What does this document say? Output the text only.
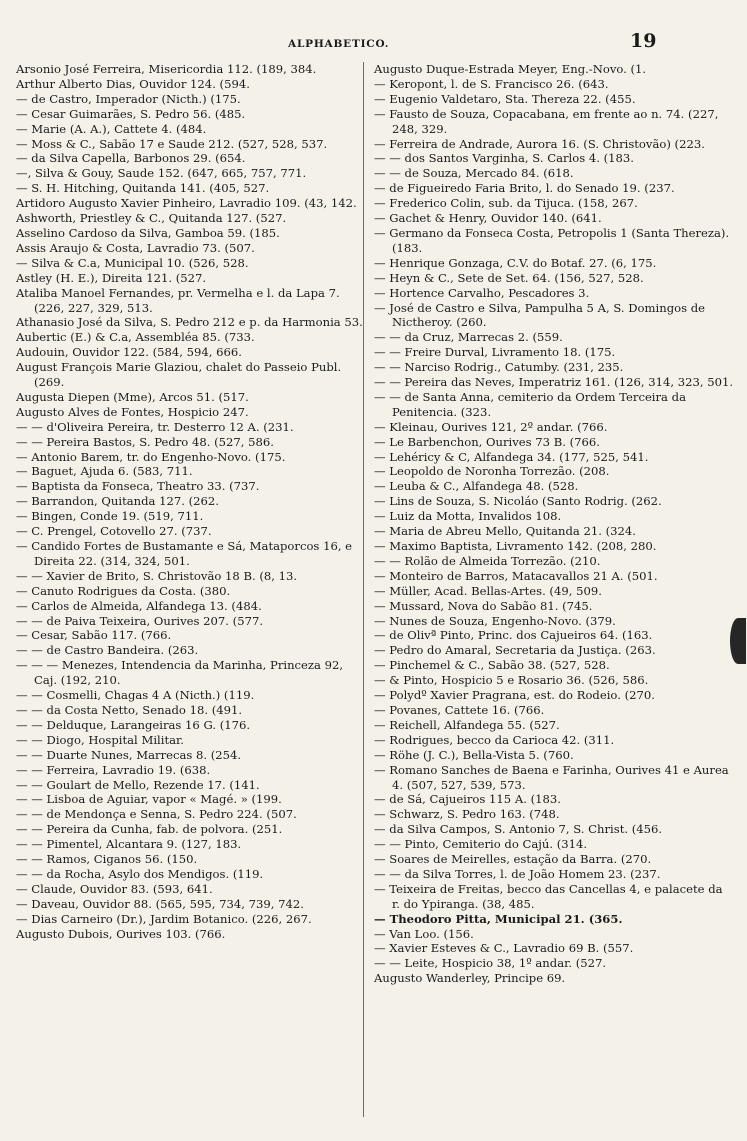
ALPHABETICO.	19
Arsonio José Ferreira, Misericordia 112. (189, 384.
Arthur Alberto Dias, Ouvidor 124. (594.
— de Castro, Imperador (Nicth.) (175.
— Cesar Guimarães, S. Pedro 56. (485.
— Marie (A. A.), Cattete 4. (484.
— Moss & C., Sabão 17 e Saude 212. (527, 528, 537.
— da Silva Capella, Barbonos 29. (654.
—, Silva & Gouy, Saude 152. (647, 665, 757, 771.
— S. H. Hitching, Quitanda 141. (405, 527.
Artidoro Augusto Xavier Pinheiro, Lavradio 109. (43, 142.
Ashworth, Priestley & C., Quitanda 127. (527.
Asselino Cardoso da Silva, Gamboa 59. (185.
Assis Araujo & Costa, Lavradio 73. (507.
— Silva & C.a, Municipal 10. (526, 528.
Astley (H. E.), Direita 121. (527.
Ataliba Manoel Fernandes, pr. Vermelha e l. da Lapa 7. (226, 227, 329, 513.
Athanasio José da Silva, S. Pedro 212 e p. da Harmonia 53.
Aubertic (E.) & C.a, Assembléa 85. (733.
Audouin, Ouvidor 122. (584, 594, 666.
August François Marie Glaziou, chalet do Passeio Publ. (269.
Augusta Diepen (Mme), Arcos 51. (517.
Augusto Alves de Fontes, Hospicio 247.
— — d'Oliveira Pereira, tr. Desterro 12 A. (231.
— — Pereira Bastos, S. Pedro 48. (527, 586.
— Antonio Barem, tr. do Engenho-Novo. (175.
— Baguet, Ajuda 6. (583, 711.
— Baptista da Fonseca, Theatro 33. (737.
— Barrandon, Quitanda 127. (262.
— Bingen, Conde 19. (519, 711.
— C. Prengel, Cotovello 27. (737.
— Candido Fortes de Bustamante e Sá, Mataporcos 16, e Direita 22. (314, 324, 501.
— — Xavier de Brito, S. Christovão 18 B. (8, 13.
— Canuto Rodrigues da Costa. (380.
— Carlos de Almeida, Alfandega 13. (484.
— — de Paiva Teixeira, Ourives 207. (577.
— Cesar, Sabão 117. (766.
— — de Castro Bandeira. (263.
— — — Menezes, Intendencia da Marinha, Princeza 92, Caj. (192, 210.
— — Cosmelli, Chagas 4 A (Nicth.) (119.
— — da Costa Netto, Senado 18. (491.
— — Delduque, Larangeiras 16 G. (176.
— — Diogo, Hospital Militar.
— — Duarte Nunes, Marrecas 8. (254.
— — Ferreira, Lavradio 19. (638.
— — Goulart de Mello, Rezende 17. (141.
— — Lisboa de Aguiar, vapor « Magé. » (199.
— — de Mendonça e Senna, S. Pedro 224. (507.
— — Pereira da Cunha, fab. de polvora. (251.
— — Pimentel, Alcantara 9. (127, 183.
— — Ramos, Ciganos 56. (150.
— — da Rocha, Asylo dos Mendigos. (119.
— Claude, Ouvidor 83. (593, 641.
— Daveau, Ouvidor 88. (565, 595, 734, 739, 742.
— Dias Carneiro (Dr.), Jardim Botanico. (226, 267.
Augusto Dubois, Ourives 103. (766.
Augusto Duque-Estrada Meyer, Eng.-Novo. (1.
— Keropont, l. de S. Francisco 26. (643.
— Eugenio Valdetaro, Sta. Thereza 22. (455.
— Fausto de Souza, Copacabana, em frente ao n. 74. (227, 248, 329.
— Ferreira de Andrade, Aurora 16. (S. Christovão) (223.
— — dos Santos Varginha, S. Carlos 4. (183.
— — de Souza, Mercado 84. (618.
— de Figueiredo Faria Brito, l. do Senado 19. (237.
— Frederico Colin, sub. da Tijuca. (158, 267.
— Gachet & Henry, Ouvidor 140. (641.
— Germano da Fonseca Costa, Petropolis 1 (Santa Thereza). (183.
— Henrique Gonzaga, C.V. do Botaf. 27. (6, 175.
— Heyn & C., Sete de Set. 64. (156, 527, 528.
— Hortence Carvalho, Pescadores 3.
— José de Castro e Silva, Pampulha 5 A, S. Domingos de Nictheroy. (260.
— — da Cruz, Marrecas 2. (559.
— — Freire Durval, Livramento 18. (175.
— — Narciso Rodrig., Catumby. (231, 235.
— — Pereira das Neves, Imperatriz 161. (126, 314, 323, 501.
— — de Santa Anna, cemiterio da Ordem Terceira da Penitencia. (323.
— Kleinau, Ourives 121, 2º andar. (766.
— Le Barbenchon, Ourives 73 B. (766.
— Lehéricy & C, Alfandega 34. (177, 525, 541.
— Leopoldo de Noronha Torrezão. (208.
— Leuba & C., Alfandega 48. (528.
— Lins de Souza, S. Nicoláo (Santo Rodrig. (262.
— Luiz da Motta, Invalidos 108.
— Maria de Abreu Mello, Quitanda 21. (324.
— Maximo Baptista, Livramento 142. (208, 280.
— — Rolão de Almeida Torrezão. (210.
— Monteiro de Barros, Matacavallos 21 A. (501.
— Müller, Acad. Bellas-Artes. (49, 509.
— Mussard, Nova do Sabão 81. (745.
— Nunes de Souza, Engenho-Novo. (379.
— de Olivª Pinto, Princ. dos Cajueiros 64. (163.
— Pedro do Amaral, Secretaria da Justiça. (263.
— Pinchemel & C., Sabão 38. (527, 528.
— & Pinto, Hospicio 5 e Rosario 36. (526, 586.
— Polydº Xavier Pragrana, est. do Rodeio. (270.
— Povanes, Cattete 16. (766.
— Reichell, Alfandega 55. (527.
— Rodrigues, becco da Carioca 42. (311.
— Röhe (J. C.), Bella-Vista 5. (760.
— Romano Sanches de Baena e Farinha, Ourives 41 e Aurea 4. (507, 527, 539, 573.
— de Sá, Cajueiros 115 A. (183.
— Schwarz, S. Pedro 163. (748.
— da Silva Campos, S. Antonio 7, S. Christ. (456.
— — Pinto, Cemiterio do Cajú. (314.
— Soares de Meirelles, estação da Barra. (270.
— — da Silva Torres, l. de João Homem 23. (237.
— Teixeira de Freitas, becco das Cancellas 4, e palacete da r. do Ypiranga. (38, 485.
— Theodoro Pitta, Municipal 21. (365.
— Van Loo. (156.
— Xavier Esteves & C., Lavradio 69 B. (557.
— — Leite, Hospicio 38, 1º andar. (527.
Augusto Wanderley, Principe 69.
